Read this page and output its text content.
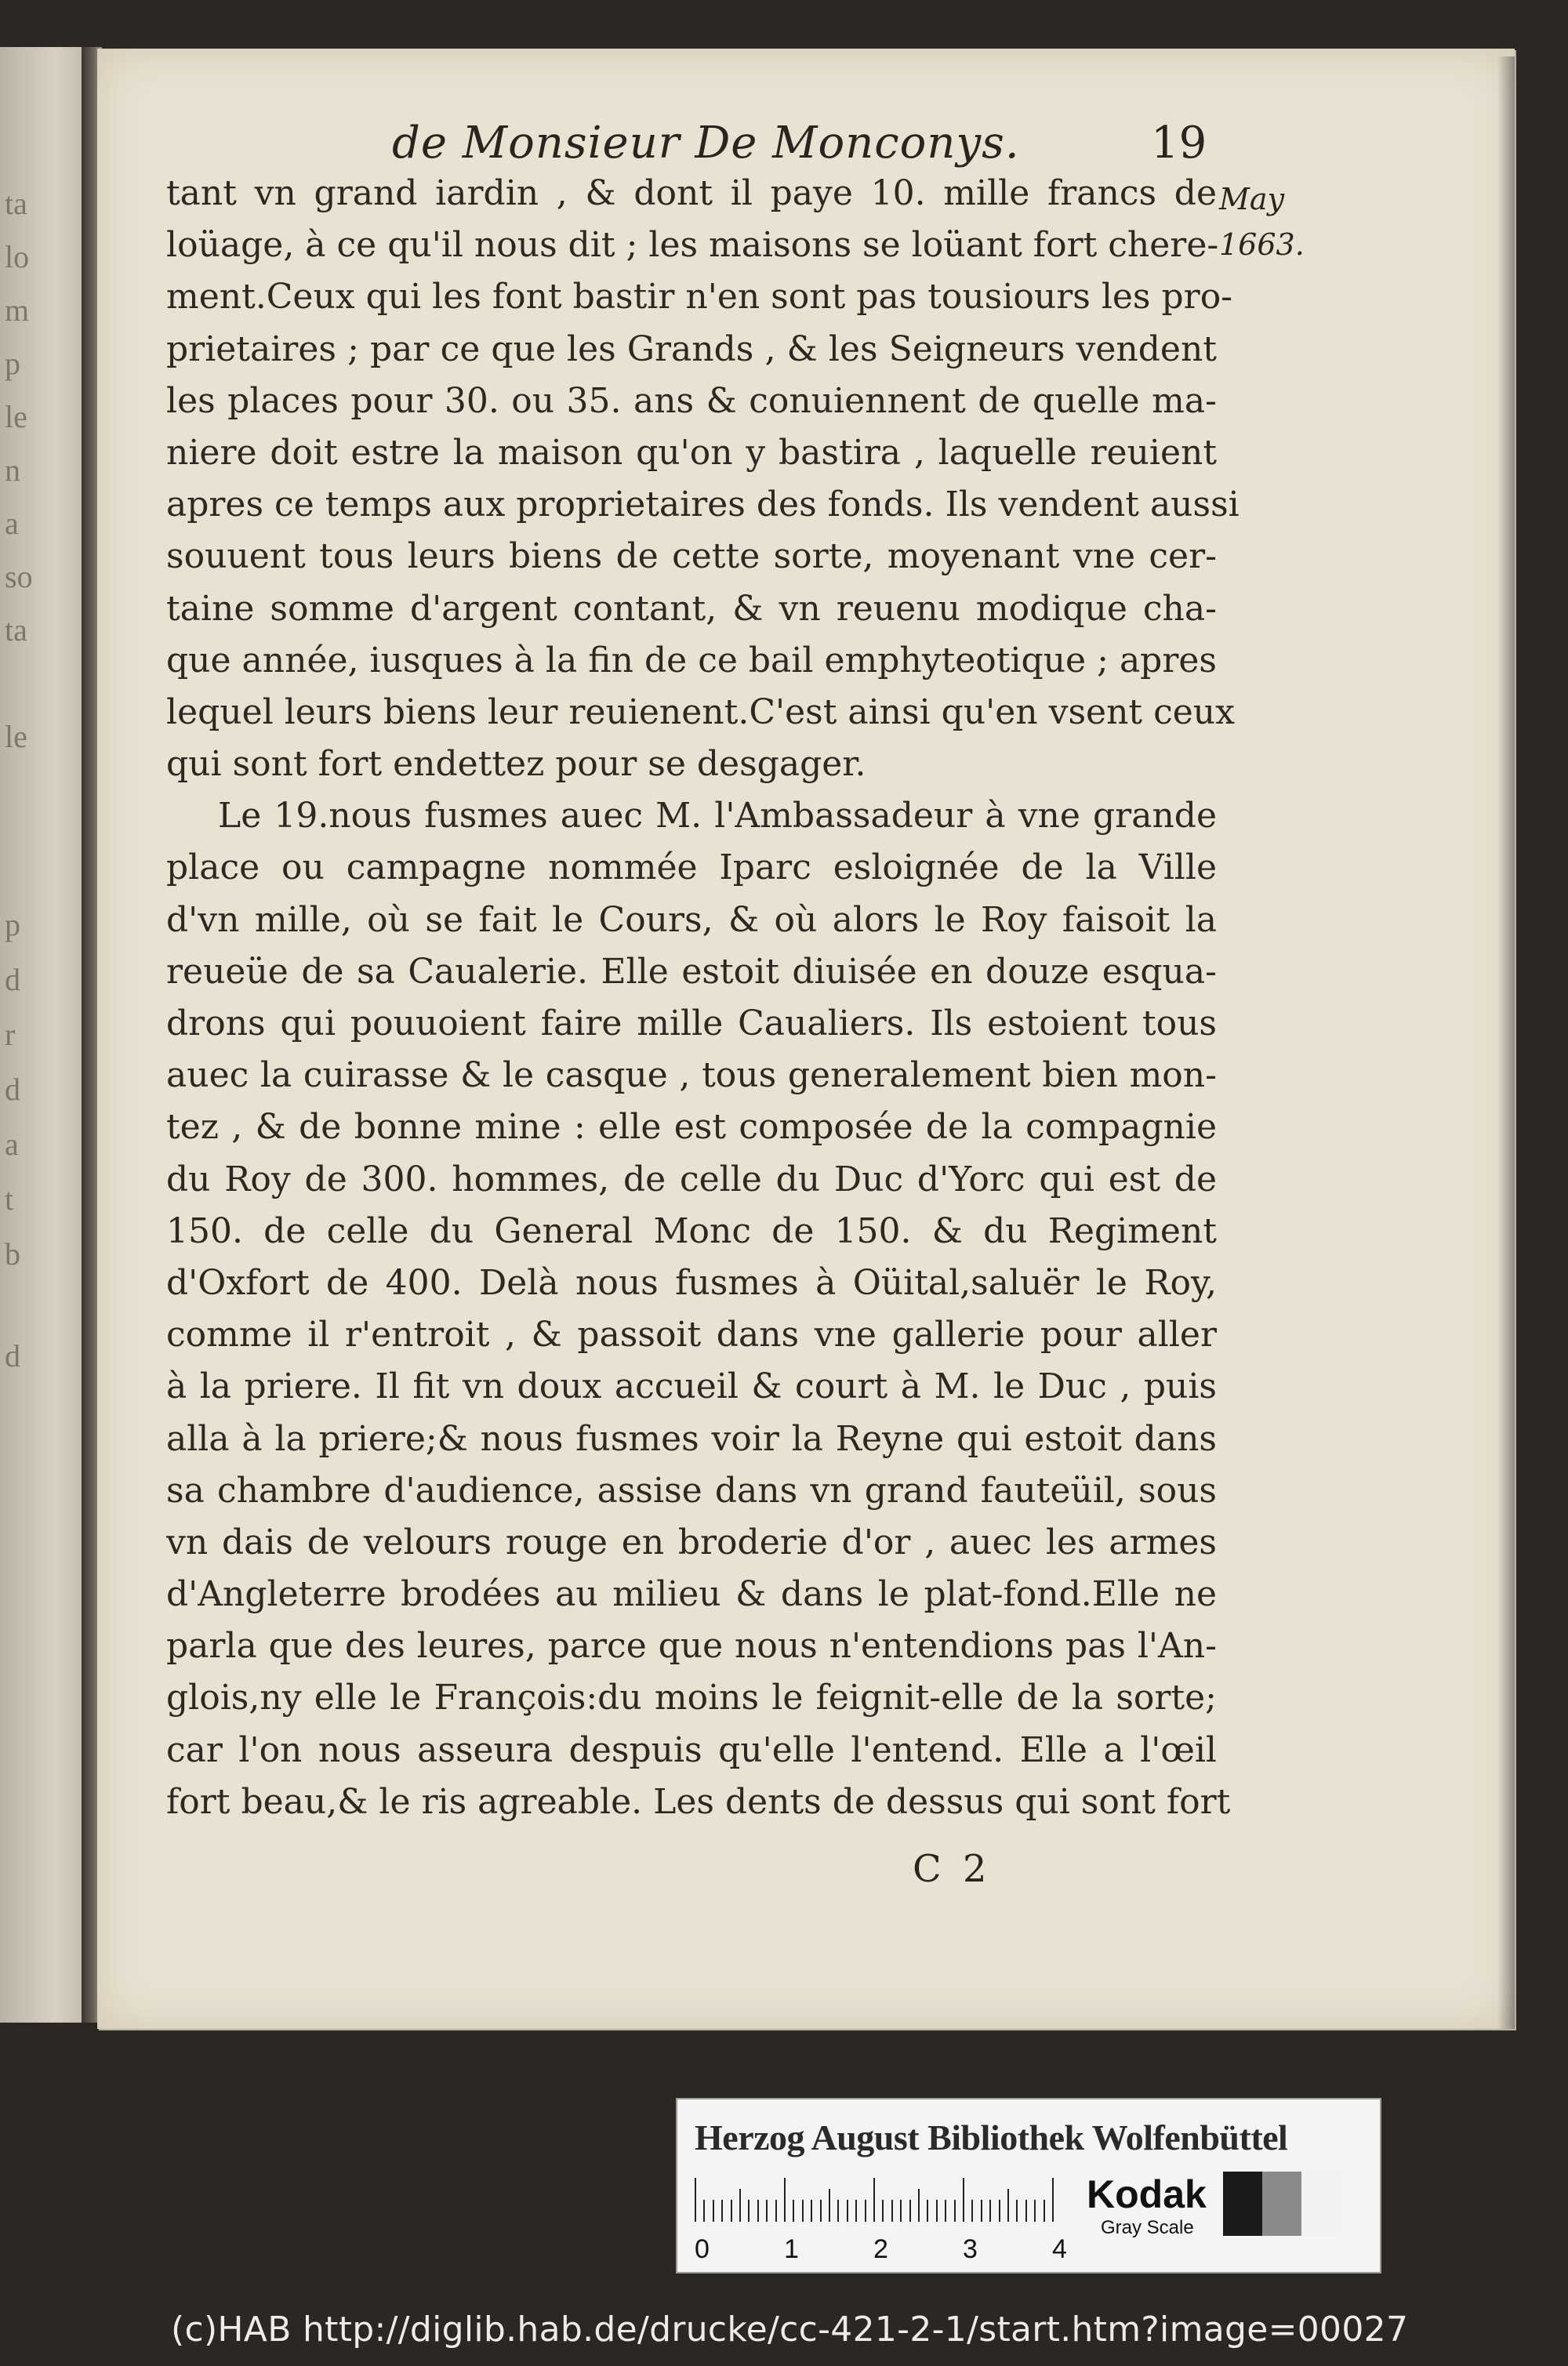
ta
lo
m
p
le
n
a
so
ta
le
p
d
r
d
a
t
b
d
de Monsieur De Monconys.	19
May
1663.
tant vn grand iardin , & dont il paye 10. mille francs de
loüage, à ce qu'il nous dit ; les maisons se loüant fort chere-
ment.Ceux qui les font bastir n'en sont pas tousiours les pro-
prietaires ; par ce que les Grands , & les Seigneurs vendent
les places pour 30. ou 35. ans & conuiennent de quelle ma-
niere doit estre la maison qu'on y bastira , laquelle reuient
apres ce temps aux proprietaires des fonds. Ils vendent aussi
souuent tous leurs biens de cette sorte, moyenant vne cer-
taine somme d'argent contant, & vn reuenu modique cha-
que année, iusques à la fin de ce bail emphyteotique ; apres
lequel leurs biens leur reuienent.C'est ainsi qu'en vsent ceux
qui sont fort endettez pour se desgager.
Le 19.nous fusmes auec M. l'Ambassadeur à vne grande
place ou campagne nommée Iparc esloignée de la Ville
d'vn mille, où se fait le Cours, & où alors le Roy faisoit la
reueüe de sa Caualerie. Elle estoit diuisée en douze esqua-
drons qui pouuoient faire mille Caualiers. Ils estoient tous
auec la cuirasse & le casque , tous generalement bien mon-
tez , & de bonne mine : elle est composée de la compagnie
du Roy de 300. hommes, de celle du Duc d'Yorc qui est de
150. de celle du General Monc de 150. & du Regiment
d'Oxfort de 400. Delà nous fusmes à Oüital,saluër le Roy,
comme il r'entroit , & passoit dans vne gallerie pour aller
à la priere. Il fit vn doux accueil & court à M. le Duc , puis
alla à la priere;& nous fusmes voir la Reyne qui estoit dans
sa chambre d'audience, assise dans vn grand fauteüil, sous
vn dais de velours rouge en broderie d'or , auec les armes
d'Angleterre brodées au milieu & dans le plat-fond.Elle ne
parla que des leures, parce que nous n'entendions pas l'An-
glois,ny elle le François:du moins le feignit-elle de la sorte;
car l'on nous asseura despuis qu'elle l'entend. Elle a l'œil
fort beau,& le ris agreable. Les dents de dessus qui sont fort
C 2
Herzog August Bibliothek Wolfenbüttel
0	1	2	3	4
Kodak
Gray Scale
(c)HAB http://diglib.hab.de/drucke/cc-421-2-1/start.htm?image=00027
